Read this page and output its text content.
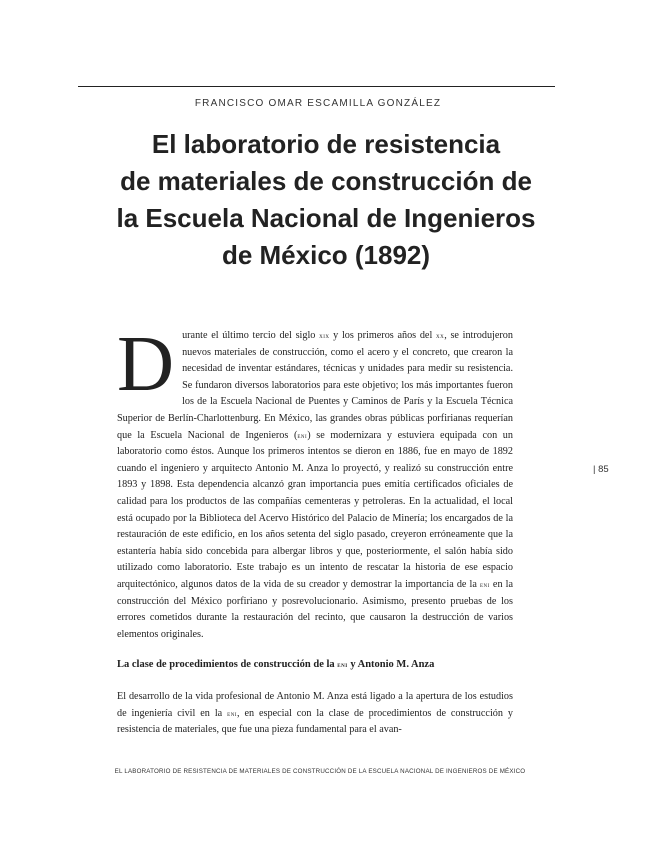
FRANCISCO OMAR ESCAMILLA GONZÁLEZ
El laboratorio de resistencia
de materiales de construcción de
la Escuela Nacional de Ingenieros
de México (1892)
Durante el último tercio del siglo xix y los primeros años del xx, se introdujeron nuevos materiales de construcción, como el acero y el concreto, que crearon la necesidad de inventar estándares, técnicas y unidades para medir su resistencia. Se fundaron diversos laboratorios para este objetivo; los más importantes fueron los de la Escuela Nacional de Puentes y Caminos de París y la Escuela Técnica Superior de Berlín-Charlottenburg. En México, las grandes obras públicas porfirianas requerían que la Escuela Nacional de Ingenieros (eni) se modernizara y estuviera equipada con un laboratorio como éstos. Aunque los primeros intentos se dieron en 1886, fue en mayo de 1892 cuando el ingeniero y arquitecto Antonio M. Anza lo proyectó, y realizó su construcción entre 1893 y 1898. Esta dependencia alcanzó gran importancia pues emitía certificados oficiales de calidad para los productos de las compañías cementeras y petroleras. En la actualidad, el local está ocupado por la Biblioteca del Acervo Histórico del Palacio de Minería; los encargados de la restauración de este edificio, en los años setenta del siglo pasado, creyeron erróneamente que la estantería había sido concebida para albergar libros y que, posteriormente, el salón había sido utilizado como laboratorio. Este trabajo es un intento de rescatar la historia de ese espacio arquitectónico, algunos datos de la vida de su creador y demostrar la importancia de la eni en la construcción del México porfiriano y posrevolucionario. Asimismo, presento pruebas de los errores cometidos durante la restauración del recinto, que causaron la destrucción de varios elementos originales.
| 85
La clase de procedimientos de construcción de la eni y Antonio M. Anza
El desarrollo de la vida profesional de Antonio M. Anza está ligado a la apertura de los estudios de ingeniería civil en la eni, en especial con la clase de procedimientos de construcción y resistencia de materiales, que fue una pieza fundamental para el avan-
EL LABORATORIO DE RESISTENCIA DE MATERIALES DE CONSTRUCCIÓN DE LA ESCUELA NACIONAL DE INGENIEROS DE MÉXICO
